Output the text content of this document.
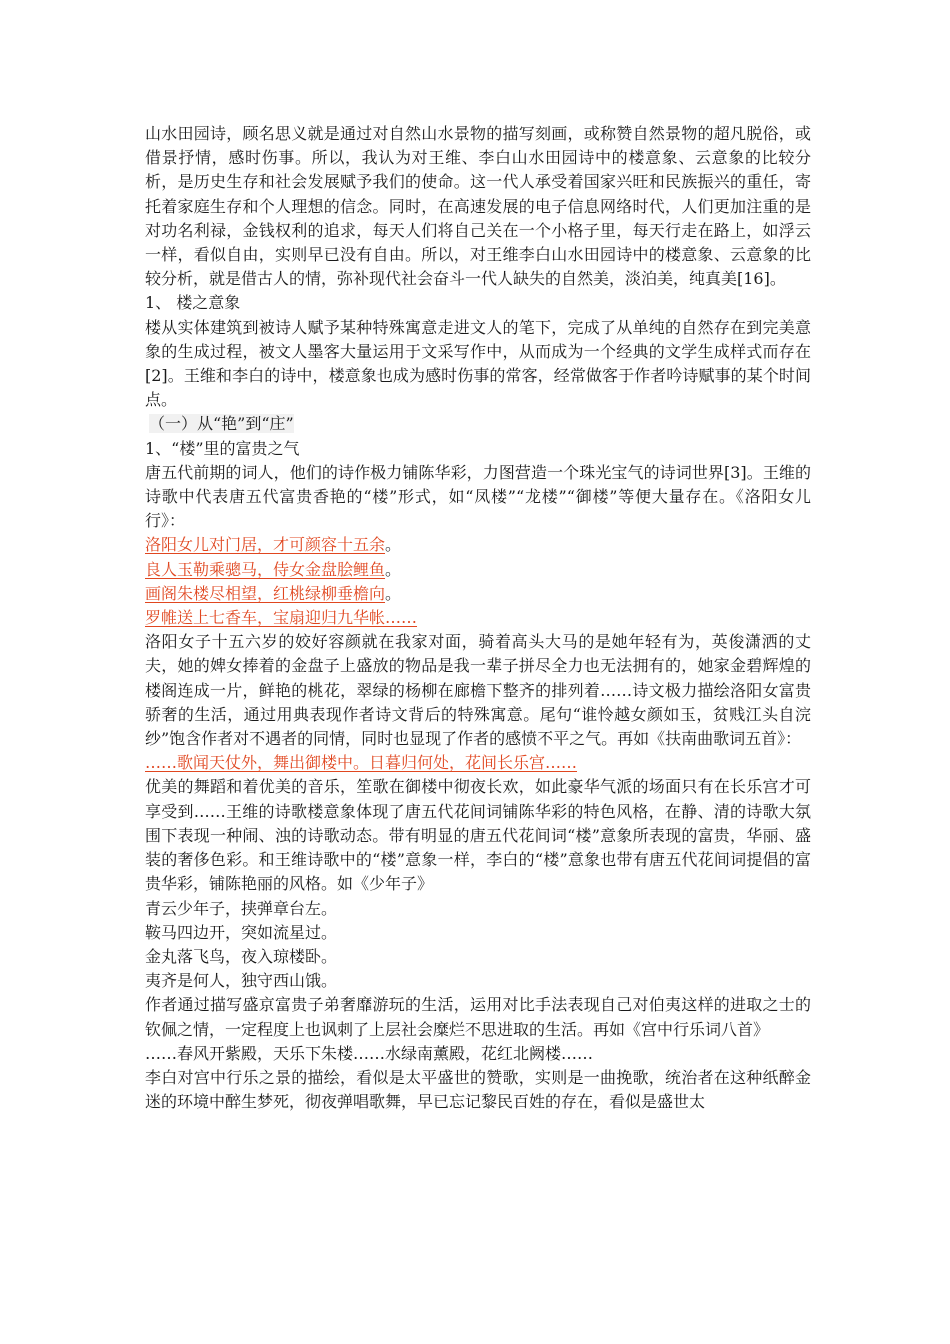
山水田园诗，顾名思义就是通过对自然山水景物的描写刻画，或称赞自然景物的超凡脱俗，或借景抒情，感时伤事。所以，我认为对王维、李白山水田园诗中的楼意象、云意象的比较分析，是历史生存和社会发展赋予我们的使命。这一代人承受着国家兴旺和民族振兴的重任，寄托着家庭生存和个人理想的信念。同时，在高速发展的电子信息网络时代，人们更加注重的是对功名利禄，金钱权利的追求，每天人们将自己关在一个小格子里，每天行走在路上，如浮云一样，看似自由，实则早已没有自由。所以，对王维李白山水田园诗中的楼意象、云意象的比较分析，就是借古人的情，弥补现代社会奋斗一代人缺失的自然美，淡泊美，纯真美[16]。

1、 楼之意象

楼从实体建筑到被诗人赋予某种特殊寓意走进文人的笔下，完成了从单纯的自然存在到完美意象的生成过程，被文人墨客大量运用于文采写作中，从而成为一个经典的文学生成样式而存在[2]。王维和李白的诗中，楼意象也成为感时伤事的常客，经常做客于作者吟诗赋事的某个时间点。

（一）从“艳”到“庄”

1、“楼”里的富贵之气

唐五代前期的词人，他们的诗作极力铺陈华彩，力图营造一个珠光宝气的诗词世界[3]。王维的诗歌中代表唐五代富贵香艳的“楼”形式，如“凤楼”“龙楼”“御楼”等便大量存在。《洛阳女儿行》：

洛阳女儿对门居，才可颜容十五余。

良人玉勒乘骢马，侍女金盘脍鲤鱼。

画阁朱楼尽相望，红桃绿柳垂檐向。

罗帷送上七香车，宝扇迎归九华帐……

洛阳女子十五六岁的姣好容颜就在我家对面，骑着高头大马的是她年轻有为，英俊潇洒的丈夫，她的婢女捧着的金盘子上盛放的物品是我一辈子拼尽全力也无法拥有的，她家金碧辉煌的楼阁连成一片，鲜艳的桃花，翠绿的杨柳在廊檐下整齐的排列着……诗文极力描绘洛阳女富贵骄奢的生活，通过用典表现作者诗文背后的特殊寓意。尾句“谁怜越女颜如玉，贫贱江头自浣纱”饱含作者对不遇者的同情，同时也显现了作者的感愤不平之气。再如《扶南曲歌词五首》：

……歌闻天仗外，舞出御楼中。日暮归何处，花间长乐宫……

优美的舞蹈和着优美的音乐，笙歌在御楼中彻夜长欢，如此豪华气派的场面只有在长乐宫才可享受到……王维的诗歌楼意象体现了唐五代花间词铺陈华彩的特色风格，在静、清的诗歌大氛围下表现一种闹、浊的诗歌动态。带有明显的唐五代花间词“楼”意象所表现的富贵，华丽、盛装的奢侈色彩。和王维诗歌中的“楼”意象一样，李白的“楼”意象也带有唐五代花间词提倡的富贵华彩，铺陈艳丽的风格。如《少年子》

青云少年子，挟弹章台左。

鞍马四边开，突如流星过。

金丸落飞鸟，夜入琼楼卧。

夷齐是何人，独守西山饿。

作者通过描写盛京富贵子弟奢靡游玩的生活，运用对比手法表现自己对伯夷这样的进取之士的钦佩之情，一定程度上也讽刺了上层社会糜烂不思进取的生活。再如《宫中行乐词八首》

……春风开紫殿，天乐下朱楼……水绿南薰殿，花红北阙楼……

李白对宫中行乐之景的描绘，看似是太平盛世的赞歌，实则是一曲挽歌，统治者在这种纸醉金迷的环境中醉生梦死，彻夜弹唱歌舞，早已忘记黎民百姓的存在，看似是盛世太
